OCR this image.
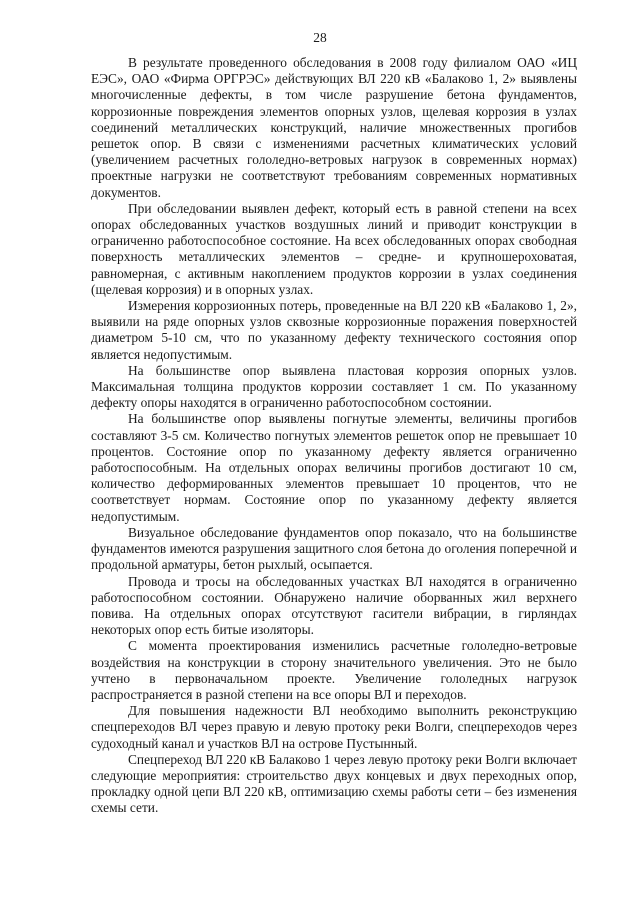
28

В результате проведенного обследования в 2008 году филиалом ОАО «ИЦ ЕЭС», ОАО «Фирма ОРГРЭС» действующих ВЛ 220 кВ «Балаково 1, 2» выявлены многочисленные дефекты, в том числе разрушение бетона фундаментов, коррозионные повреждения элементов опорных узлов, щелевая коррозия в узлах соединений металлических конструкций, наличие множественных прогибов решеток опор. В связи с изменениями расчетных климатических условий (увеличением расчетных гололедно-ветровых нагрузок в современных нормах) проектные нагрузки не соответствуют требованиям современных нормативных документов.

При обследовании выявлен дефект, который есть в равной степени на всех опорах обследованных участков воздушных линий и приводит конструкции в ограниченно работоспособное состояние. На всех обследованных опорах свободная поверхность металлических элементов – средне- и крупношероховатая, равномерная, с активным накоплением продуктов коррозии в узлах соединения (щелевая коррозия) и в опорных узлах.

Измерения коррозионных потерь, проведенные на ВЛ 220 кВ «Балаково 1, 2», выявили на ряде опорных узлов сквозные коррозионные поражения поверхностей диаметром 5-10 см, что по указанному дефекту технического состояния опор является недопустимым.

На большинстве опор выявлена пластовая коррозия опорных узлов. Максимальная толщина продуктов коррозии составляет 1 см. По указанному дефекту опоры находятся в ограниченно работоспособном состоянии.

На большинстве опор выявлены погнутые элементы, величины прогибов составляют 3-5 см. Количество погнутых элементов решеток опор не превышает 10 процентов. Состояние опор по указанному дефекту является ограниченно работоспособным. На отдельных опорах величины прогибов достигают 10 см, количество деформированных элементов превышает 10 процентов, что не соответствует нормам. Состояние опор по указанному дефекту является недопустимым.

Визуальное обследование фундаментов опор показало, что на большинстве фундаментов имеются разрушения защитного слоя бетона до оголения поперечной и продольной арматуры, бетон рыхлый, осыпается.

Провода и тросы на обследованных участках ВЛ находятся в ограниченно работоспособном состоянии. Обнаружено наличие оборванных жил верхнего повива. На отдельных опорах отсутствуют гасители вибрации, в гирляндах некоторых опор есть битые изоляторы.

С момента проектирования изменились расчетные гололедно-ветровые воздействия на конструкции в сторону значительного увеличения. Это не было учтено в первоначальном проекте. Увеличение гололедных нагрузок распространяется в разной степени на все опоры ВЛ и переходов.

Для повышения надежности ВЛ необходимо выполнить реконструкцию спецпереходов ВЛ через правую и левую протоку реки Волги, спецпереходов через судоходный канал и участков ВЛ на острове Пустынный.

Спецпереход ВЛ 220 кВ Балаково 1 через левую протоку реки Волги включает следующие мероприятия: строительство двух концевых и двух переходных опор, прокладку одной цепи ВЛ 220 кВ, оптимизацию схемы работы сети – без изменения схемы сети.
